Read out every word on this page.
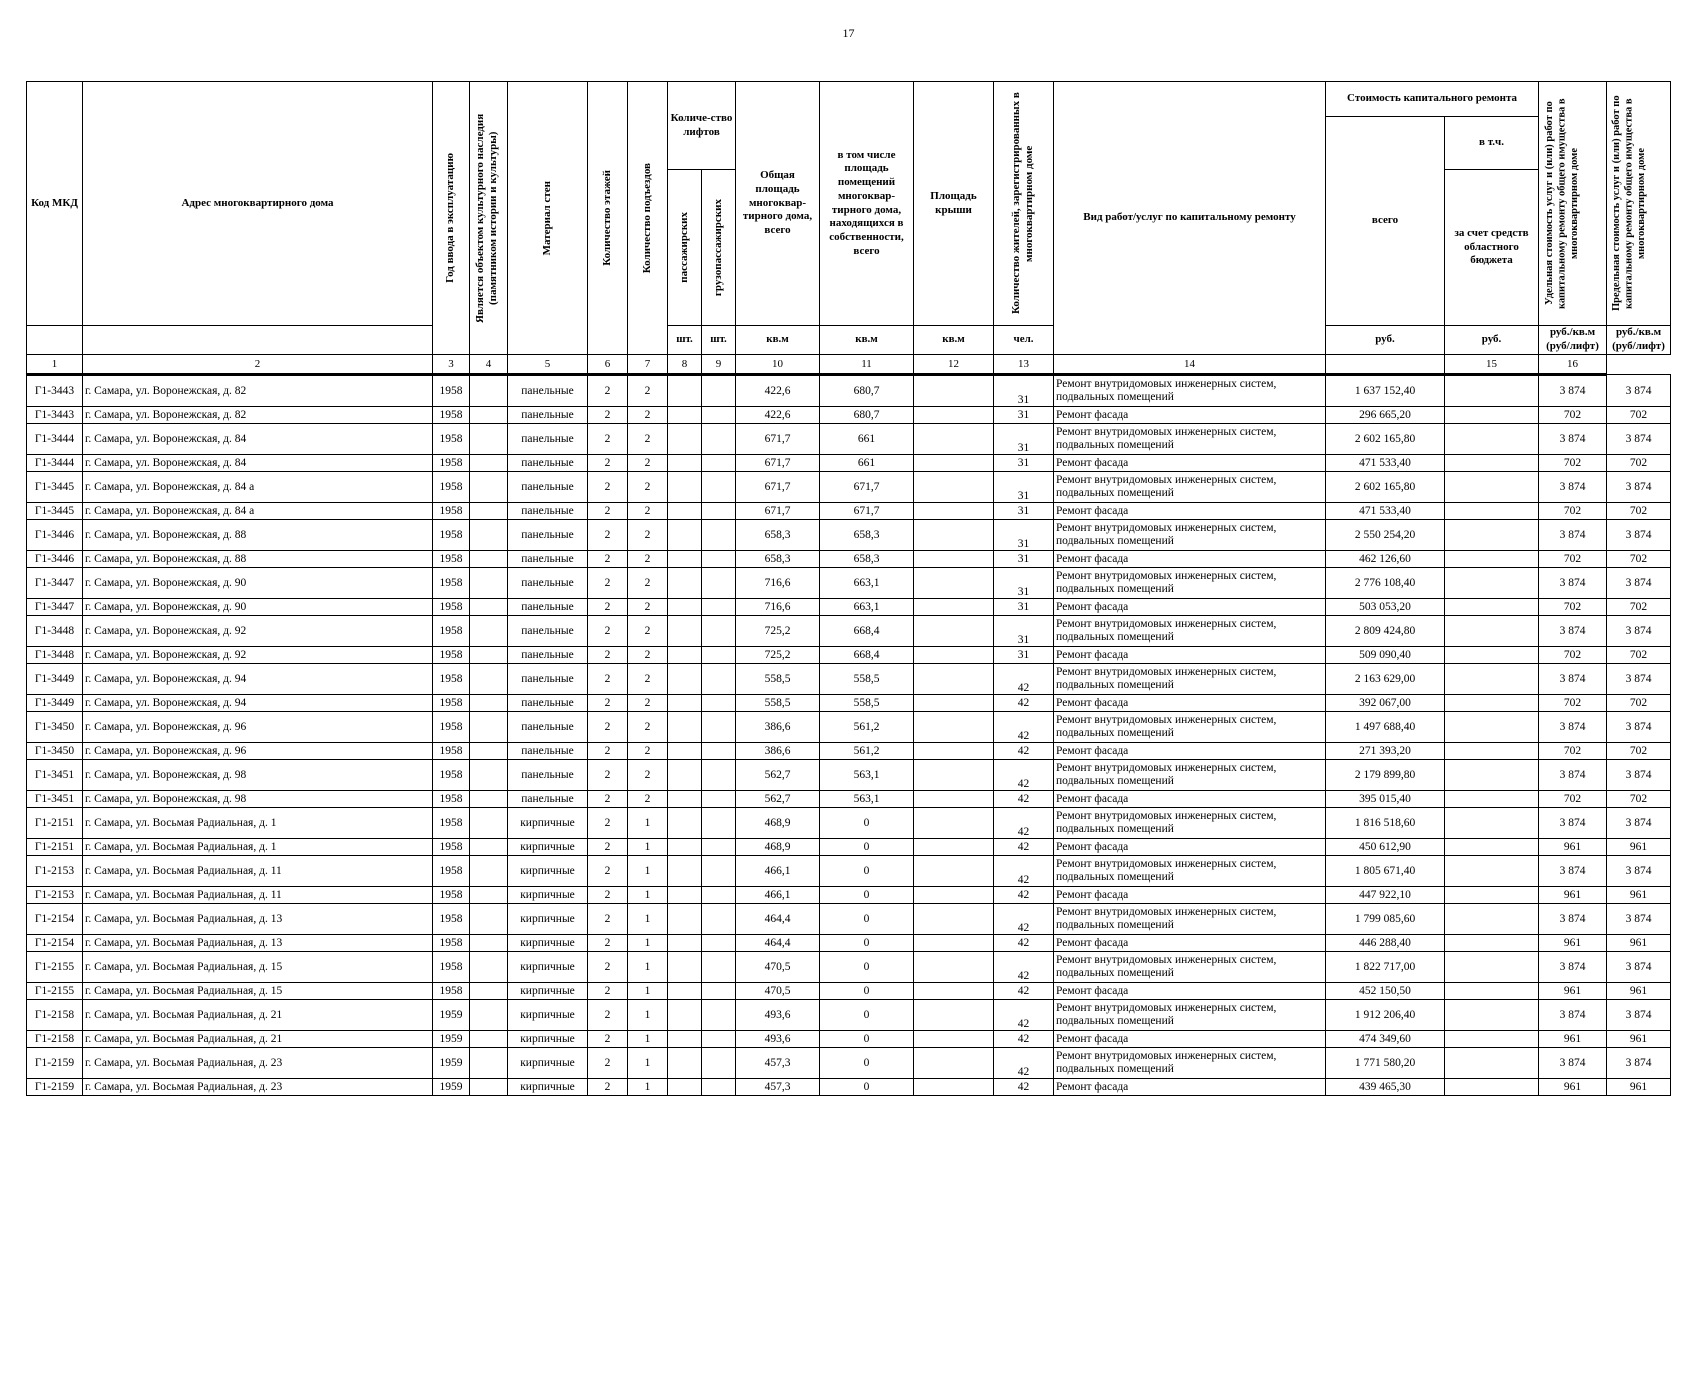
17
Код МКД	Адрес многоквартирного дома	Год ввода в эксплуатацию	Является объектом культурного наследия (памятником истории и культуры)	Материал стен	Количество этажей	Количество подъездов	Количе-ство лифтов		Общая площадь многоквар-тирного дома, всего	в том числе площадь помещений многоквар-тирного дома, находящихся в собственности, всего	Площадь крыши	Количество жителей, зарегистрированных в многоквартирном доме	Вид работ/услуг по капитальному ремонту	Стоимость капитального ремонта		Удельная стоимость услуг и (или) работ по капитальному ремонту общего имущества в многоквартирном доме	Предельная стоимость услуг и (или) работ по капитальному ремонту общего имущества в многоквартирном доме

														всего	в т.ч.		

							пассажирских	грузопассажирских							за счет средств областного бюджета		
							шт.	шт.	кв.м	кв.м	кв.м	чел.		руб.	руб.	руб./кв.м (руб/лифт)	руб./кв.м (руб/лифт)
1	2	3	4	5	6	7	8	9	10	11	12	13	14		15	16	
Г1-3443	г. Самара, ул. Воронежская, д. 82	1958		панельные	2	2			422,6	680,7		31	Ремонт внутридомовых инженерных систем, подвальных помещений	1 637 152,40		3 874	3 874
Г1-3443	г. Самара, ул. Воронежская, д. 82	1958		панельные	2	2			422,6	680,7		31	Ремонт фасада	296 665,20		702	702
Г1-3444	г. Самара, ул. Воронежская, д. 84	1958		панельные	2	2			671,7	661		31	Ремонт внутридомовых инженерных систем, подвальных помещений	2 602 165,80		3 874	3 874
Г1-3444	г. Самара, ул. Воронежская, д. 84	1958		панельные	2	2			671,7	661		31	Ремонт фасада	471 533,40		702	702
Г1-3445	г. Самара, ул. Воронежская, д. 84 а	1958		панельные	2	2			671,7	671,7		31	Ремонт внутридомовых инженерных систем, подвальных помещений	2 602 165,80		3 874	3 874
Г1-3445	г. Самара, ул. Воронежская, д. 84 а	1958		панельные	2	2			671,7	671,7		31	Ремонт фасада	471 533,40		702	702
Г1-3446	г. Самара, ул. Воронежская, д. 88	1958		панельные	2	2			658,3	658,3		31	Ремонт внутридомовых инженерных систем, подвальных помещений	2 550 254,20		3 874	3 874
Г1-3446	г. Самара, ул. Воронежская, д. 88	1958		панельные	2	2			658,3	658,3		31	Ремонт фасада	462 126,60		702	702
Г1-3447	г. Самара, ул. Воронежская, д. 90	1958		панельные	2	2			716,6	663,1		31	Ремонт внутридомовых инженерных систем, подвальных помещений	2 776 108,40		3 874	3 874
Г1-3447	г. Самара, ул. Воронежская, д. 90	1958		панельные	2	2			716,6	663,1		31	Ремонт фасада	503 053,20		702	702
Г1-3448	г. Самара, ул. Воронежская, д. 92	1958		панельные	2	2			725,2	668,4		31	Ремонт внутридомовых инженерных систем, подвальных помещений	2 809 424,80		3 874	3 874
Г1-3448	г. Самара, ул. Воронежская, д. 92	1958		панельные	2	2			725,2	668,4		31	Ремонт фасада	509 090,40		702	702
Г1-3449	г. Самара, ул. Воронежская, д. 94	1958		панельные	2	2			558,5	558,5		42	Ремонт внутридомовых инженерных систем, подвальных помещений	2 163 629,00		3 874	3 874
Г1-3449	г. Самара, ул. Воронежская, д. 94	1958		панельные	2	2			558,5	558,5		42	Ремонт фасада	392 067,00		702	702
Г1-3450	г. Самара, ул. Воронежская, д. 96	1958		панельные	2	2			386,6	561,2		42	Ремонт внутридомовых инженерных систем, подвальных помещений	1 497 688,40		3 874	3 874
Г1-3450	г. Самара, ул. Воронежская, д. 96	1958		панельные	2	2			386,6	561,2		42	Ремонт фасада	271 393,20		702	702
Г1-3451	г. Самара, ул. Воронежская, д. 98	1958		панельные	2	2			562,7	563,1		42	Ремонт внутридомовых инженерных систем, подвальных помещений	2 179 899,80		3 874	3 874
Г1-3451	г. Самара, ул. Воронежская, д. 98	1958		панельные	2	2			562,7	563,1		42	Ремонт фасада	395 015,40		702	702
Г1-2151	г. Самара, ул. Восьмая Радиальная, д. 1	1958		кирпичные	2	1			468,9	0		42	Ремонт внутридомовых инженерных систем, подвальных помещений	1 816 518,60		3 874	3 874
Г1-2151	г. Самара, ул. Восьмая Радиальная, д. 1	1958		кирпичные	2	1			468,9	0		42	Ремонт фасада	450 612,90		961	961
Г1-2153	г. Самара, ул. Восьмая Радиальная, д. 11	1958		кирпичные	2	1			466,1	0		42	Ремонт внутридомовых инженерных систем, подвальных помещений	1 805 671,40		3 874	3 874
Г1-2153	г. Самара, ул. Восьмая Радиальная, д. 11	1958		кирпичные	2	1			466,1	0		42	Ремонт фасада	447 922,10		961	961
Г1-2154	г. Самара, ул. Восьмая Радиальная, д. 13	1958		кирпичные	2	1			464,4	0		42	Ремонт внутридомовых инженерных систем, подвальных помещений	1 799 085,60		3 874	3 874
Г1-2154	г. Самара, ул. Восьмая Радиальная, д. 13	1958		кирпичные	2	1			464,4	0		42	Ремонт фасада	446 288,40		961	961
Г1-2155	г. Самара, ул. Восьмая Радиальная, д. 15	1958		кирпичные	2	1			470,5	0		42	Ремонт внутридомовых инженерных систем, подвальных помещений	1 822 717,00		3 874	3 874
Г1-2155	г. Самара, ул. Восьмая Радиальная, д. 15	1958		кирпичные	2	1			470,5	0		42	Ремонт фасада	452 150,50		961	961
Г1-2158	г. Самара, ул. Восьмая Радиальная, д. 21	1959		кирпичные	2	1			493,6	0		42	Ремонт внутридомовых инженерных систем, подвальных помещений	1 912 206,40		3 874	3 874
Г1-2158	г. Самара, ул. Восьмая Радиальная, д. 21	1959		кирпичные	2	1			493,6	0		42	Ремонт фасада	474 349,60		961	961
Г1-2159	г. Самара, ул. Восьмая Радиальная, д. 23	1959		кирпичные	2	1			457,3	0		42	Ремонт внутридомовых инженерных систем, подвальных помещений	1 771 580,20		3 874	3 874
Г1-2159	г. Самара, ул. Восьмая Радиальная, д. 23	1959		кирпичные	2	1			457,3	0		42	Ремонт фасада	439 465,30		961	961
